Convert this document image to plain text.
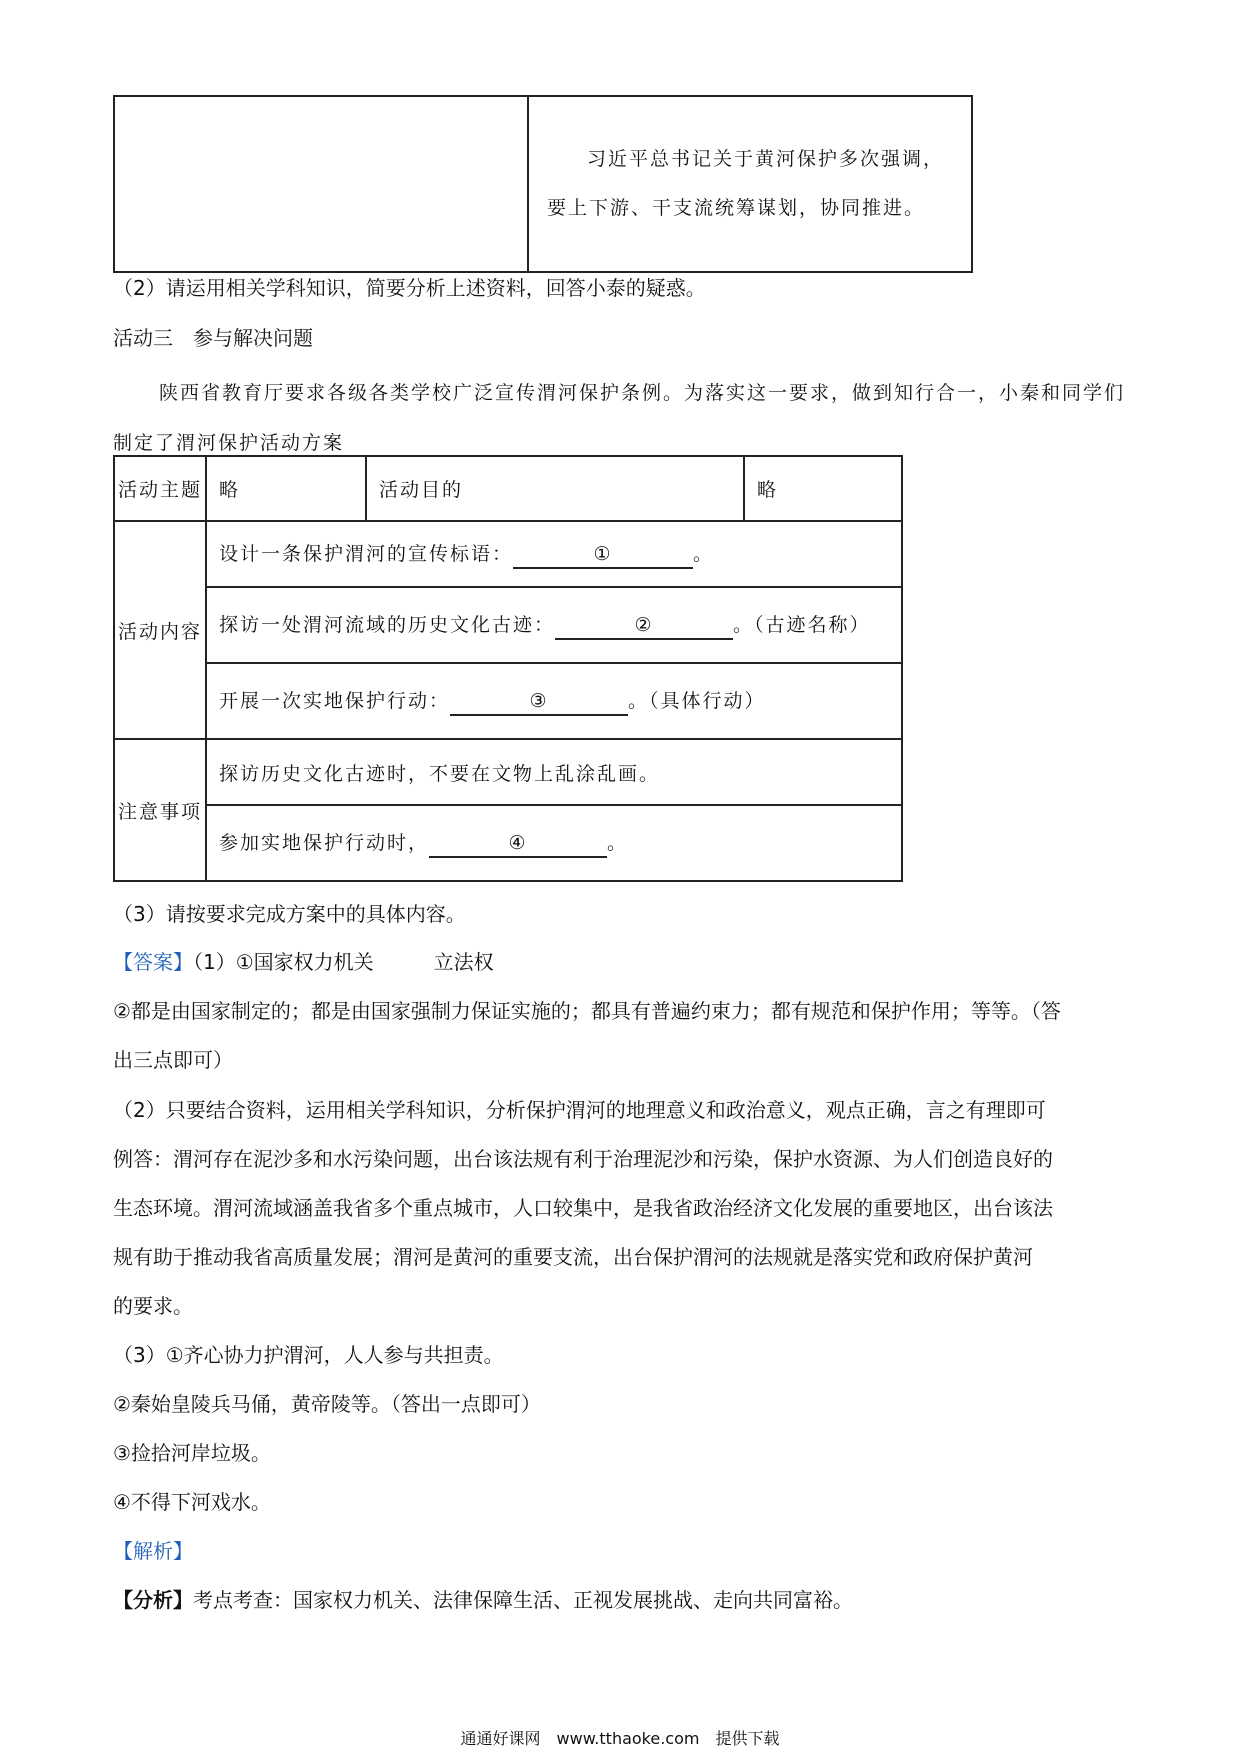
习近平总书记关于黄河保护多次强调，要上下游、干支流统筹谋划，协同推进。
（2）请运用相关学科知识，简要分析上述资料，回答小泰的疑惑。
活动三　参与解决问题
陕西省教育厅要求各级各类学校广泛宣传渭河保护条例。为落实这一要求，做到知行合一，小秦和同学们制定了渭河保护活动方案
活动主题	略	活动目的	略
活动内容	设计一条保护渭河的宣传标语： ① 。		
	探访一处渭河流域的历史文化古迹： ② 。（古迹名称）		
	开展一次实地保护行动： ③ 。（具体行动）		
注意事项	探访历史文化古迹时，不要在文物上乱涂乱画。		
	参加实地保护行动时， ④ 。		
（3）请按要求完成方案中的具体内容。
【答案】（1）①国家权力机关　　　立法权
②都是由国家制定的；都是由国家强制力保证实施的；都具有普遍约束力；都有规范和保护作用；等等。（答
出三点即可）
（2）只要结合资料，运用相关学科知识，分析保护渭河的地理意义和政治意义，观点正确，言之有理即可
例答：渭河存在泥沙多和水污染问题，出台该法规有利于治理泥沙和污染，保护水资源、为人们创造良好的
生态环境。渭河流域涵盖我省多个重点城市，人口较集中，是我省政治经济文化发展的重要地区，出台该法
规有助于推动我省高质量发展；渭河是黄河的重要支流，出台保护渭河的法规就是落实党和政府保护黄河
的要求。
（3）①齐心协力护渭河，人人参与共担责。
②秦始皇陵兵马俑，黄帝陵等。（答出一点即可）
③捡拾河岸垃圾。
④不得下河戏水。
【解析】
【分析】考点考查：国家权力机关、法律保障生活、正视发展挑战、走向共同富裕。
通通好课网　www.tthaoke.com　提供下载
